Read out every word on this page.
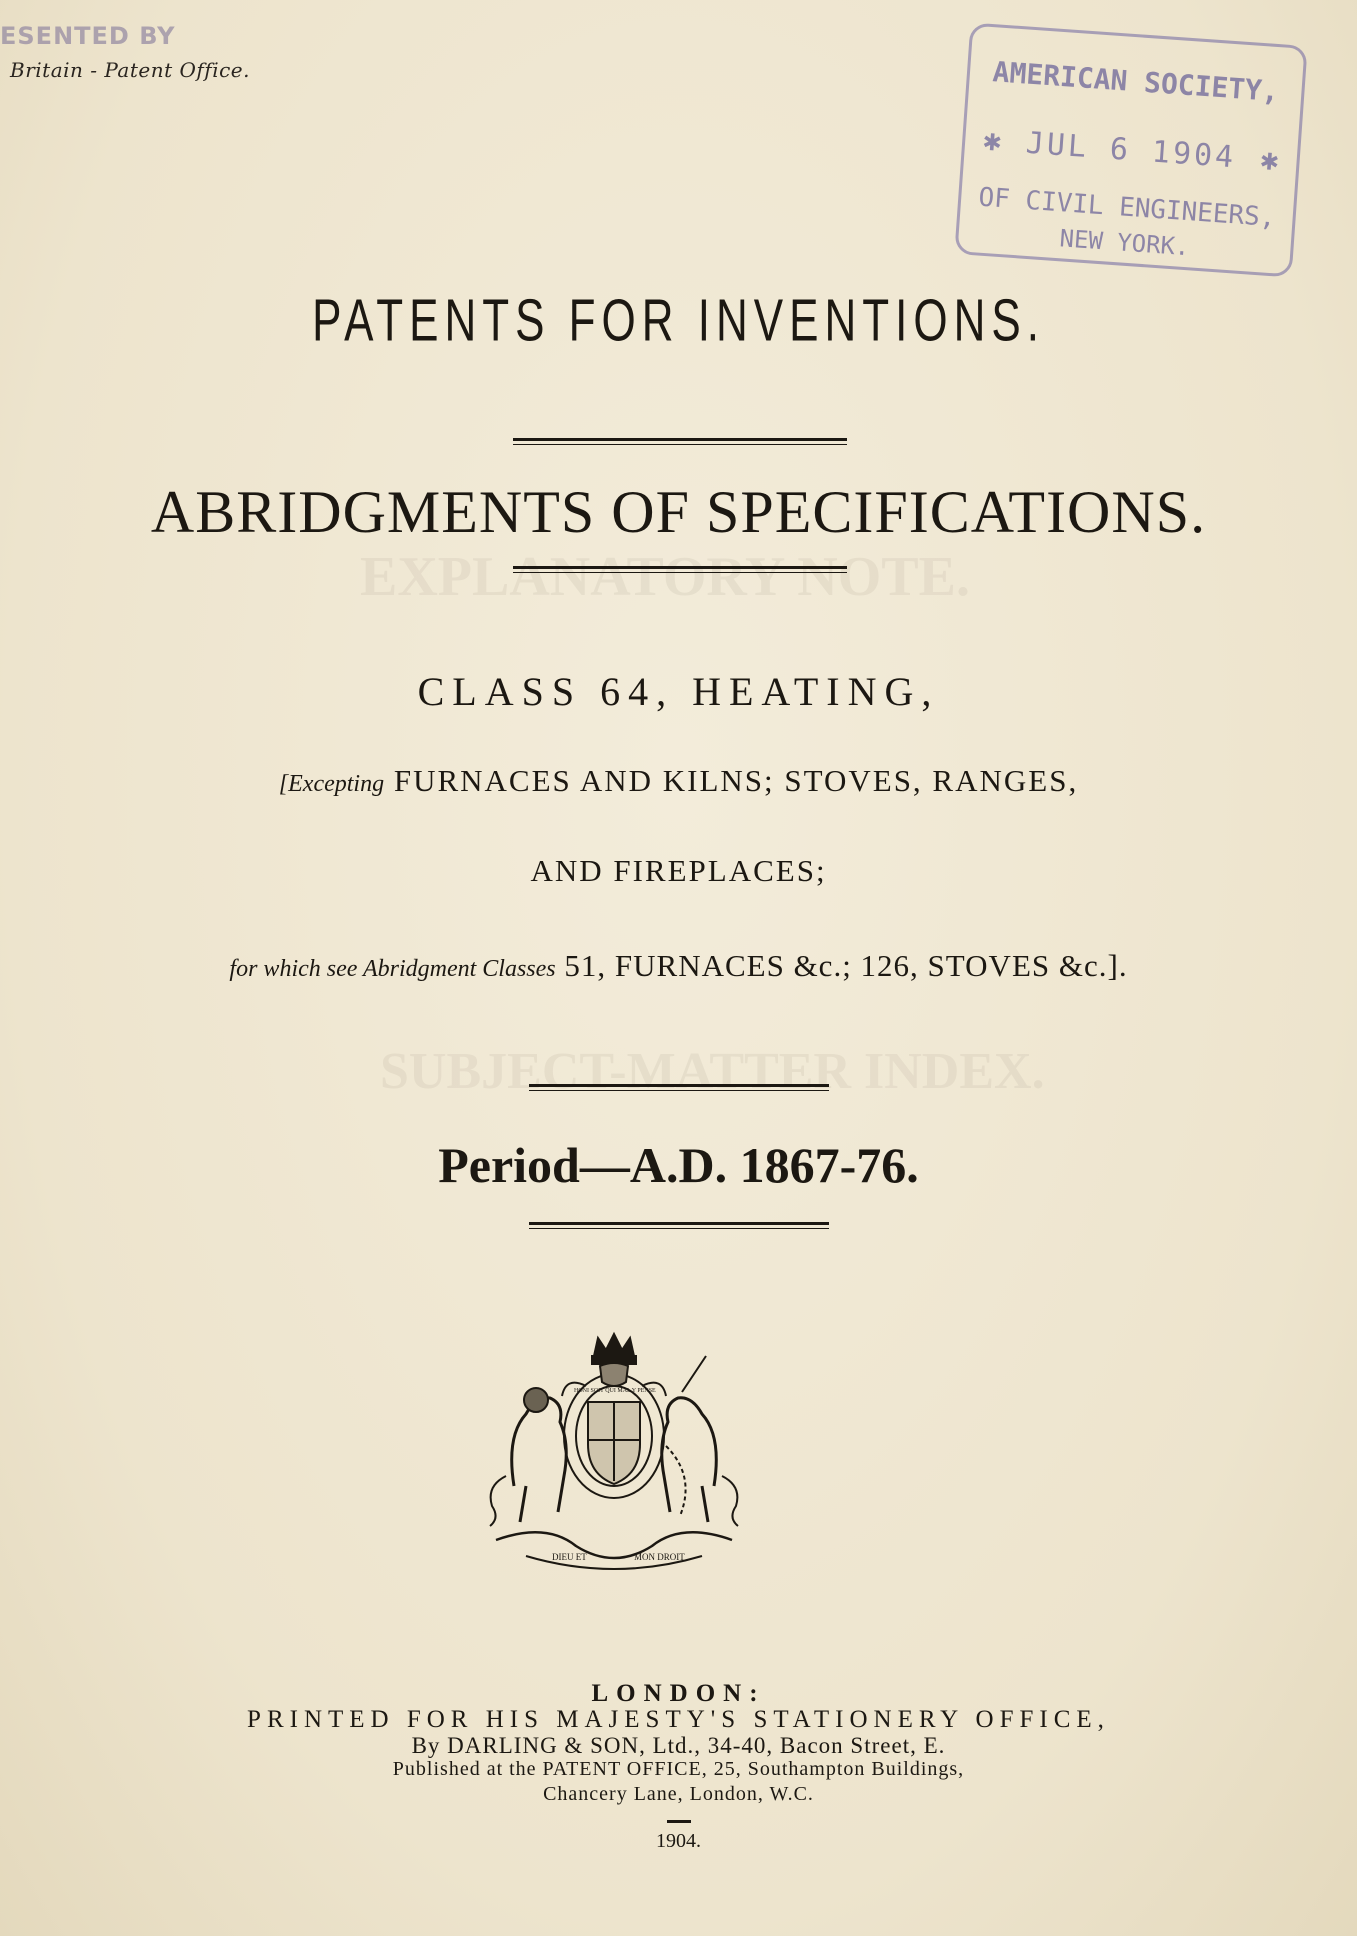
EXPLANATORY NOTE.
SUBJECT-MATTER INDEX.
ESENTED BY
Britain - Patent Office.	AMERICAN SOCIETY,
✱ JUL 6 1904 ✱
OF CIVIL ENGINEERS,
NEW YORK.
PATENTS FOR INVENTIONS.
ABRIDGMENTS OF SPECIFICATIONS.
CLASS 64, HEATING,
[Excepting FURNACES AND KILNS; STOVES, RANGES,
AND FIREPLACES;
for which see Abridgment Classes 51, FURNACES &c.; 126, STOVES &c.].
Period—A.D. 1867-76.
DIEU ET	MON DROIT
HONI SOIT QUI MAL Y PENSE
LONDON:
PRINTED FOR HIS MAJESTY'S STATIONERY OFFICE,
By DARLING & SON, Ltd., 34-40, Bacon Street, E.
Published at the PATENT OFFICE, 25, Southampton Buildings,
Chancery Lane, London, W.C.
1904.
